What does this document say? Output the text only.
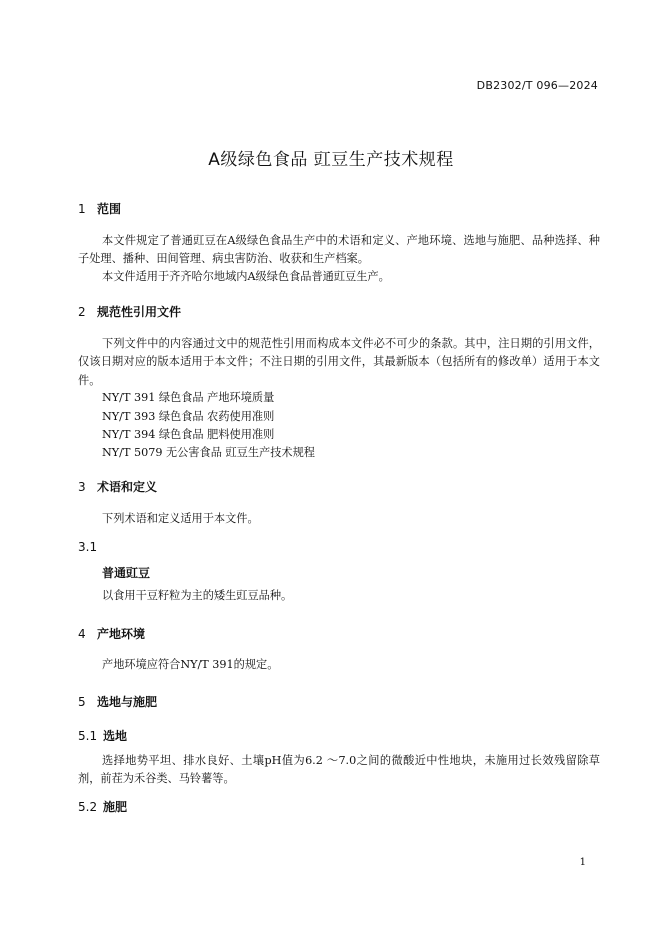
DB2302/T 096—2024
A级绿色食品 豇豆生产技术规程
1 范围

本文件规定了普通豇豆在A级绿色食品生产中的术语和定义、产地环境、选地与施肥、品种选择、种子处理、播种、田间管理、病虫害防治、收获和生产档案。

本文件适用于齐齐哈尔地域内A级绿色食品普通豇豆生产。

2 规范性引用文件

下列文件中的内容通过文中的规范性引用而构成本文件必不可少的条款。其中，注日期的引用文件，仅该日期对应的版本适用于本文件；不注日期的引用文件，其最新版本（包括所有的修改单）适用于本文件。

NY/T 391 绿色食品 产地环境质量
NY/T 393 绿色食品 农药使用准则
NY/T 394 绿色食品 肥料使用准则
NY/T 5079 无公害食品 豇豆生产技术规程
3 术语和定义

下列术语和定义适用于本文件。

3.1
普通豇豆

以食用干豆籽粒为主的矮生豇豆品种。

4 产地环境

产地环境应符合NY/T 391的规定。

5 选地与施肥
5.1 选地

选择地势平坦、排水良好、土壤pH值为6.2 ～7.0之间的微酸近中性地块，未施用过长效残留除草剂，前茬为禾谷类、马铃薯等。

5.2 施肥
1
